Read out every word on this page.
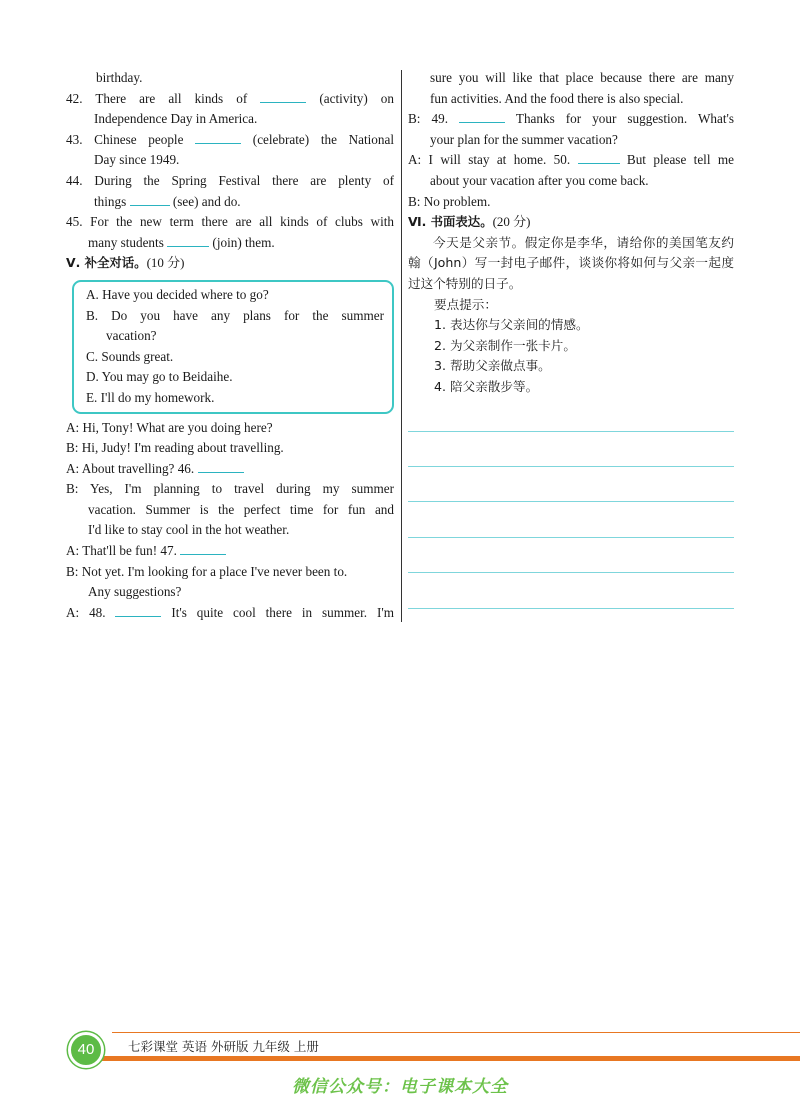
birthday.
42. There are all kinds of	(activity) on
Independence Day in America.
43. Chinese people	(celebrate) the National
Day since 1949.
44. During the Spring Festival there are plenty of
things	(see) and do.
45. For the new term there are all kinds of clubs with
many students	(join) them.
Ⅴ. 补全对话。(10 分)
A. Have you decided where to go?
B. Do you have any plans for the summer
vacation?
C. Sounds great.
D. You may go to Beidaihe.
E. I'll do my homework.
A: Hi, Tony! What are you doing here?
B: Hi, Judy! I'm reading about travelling.
A: About travelling? 46.
B: Yes, I'm planning to travel during my summer
vacation. Summer is the perfect time for fun and
I'd like to stay cool in the hot weather.
A: That'll be fun! 47.
B: Not yet. I'm looking for a place I've never been to.
Any suggestions?
A: 48.	It's quite cool there in summer. I'm
sure you will like that place because there are many
fun activities. And the food there is also special.
B: 49.	Thanks for your suggestion. What's
your plan for the summer vacation?
A: I will stay at home. 50.	But please tell me
about your vacation after you come back.
B: No problem.
Ⅵ. 书面表达。(20 分)
今天是父亲节。假定你是李华，请给你的美国笔友约翰（John）写一封电子邮件，谈谈你将如何与父亲一起度过这个特别的日子。
要点提示：
1. 表达你与父亲间的情感。
2. 为父亲制作一张卡片。
3. 帮助父亲做点事。
4. 陪父亲散步等。
40	七彩课堂 英语 外研版 九年级 上册
微信公众号：电子课本大全
